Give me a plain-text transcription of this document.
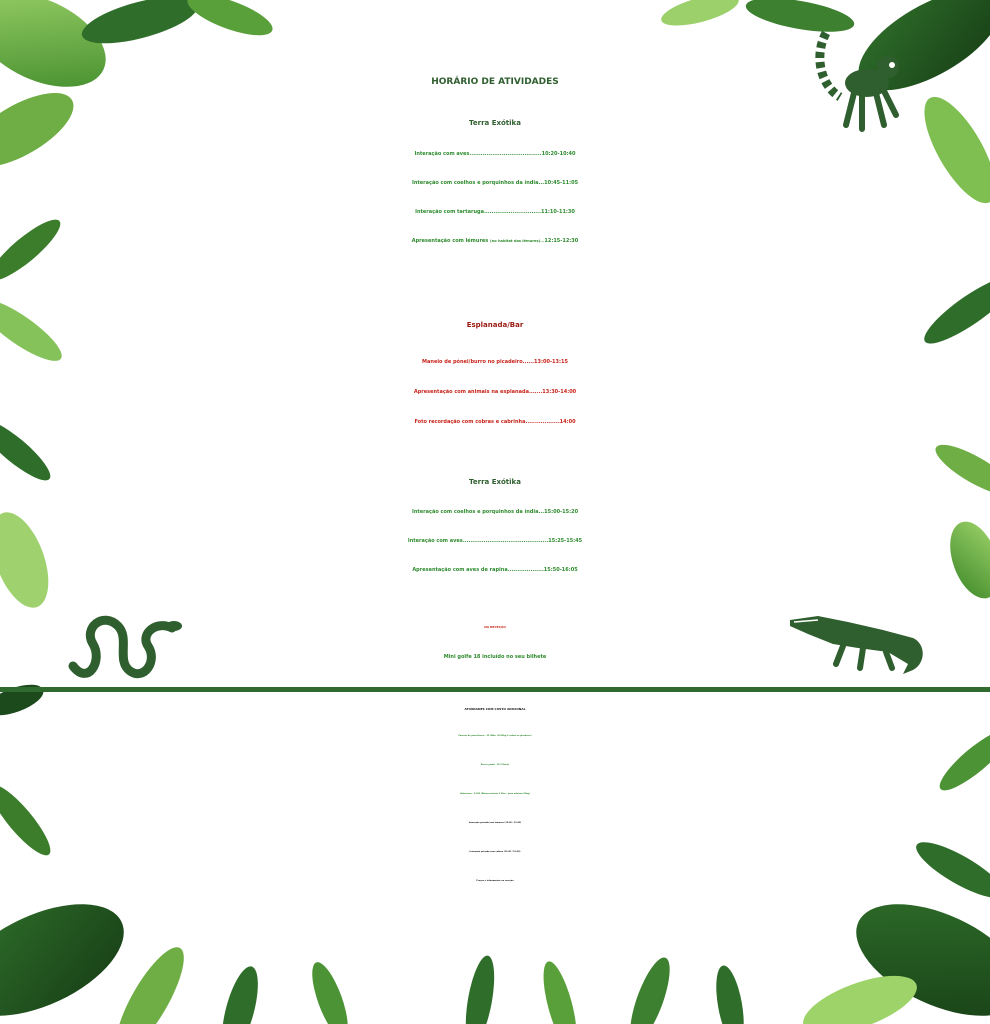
HORÁRIO DE ATIVIDADES
Terra Exótika
Interação com aves......................................10:20-10:40
Interação com coelhos e porquinhos da índia...10:45-11:05
Interação com tartaruga..............................11:10-11:30
Apresentação com lémures (no habitat dos lémures)...12:15-12:30
Esplanada/Bar
Maneio de pónei/burro no picadeiro......13:00-13:15
Apresentação com animais na esplanada.......13:30-14:00
Foto recordação com cobras e cabrinha..................14:00
Terra Exótika
Interação com coelhos e porquinhos da índia...15:00-15:20
Interação com aves.............................................15:25-15:45
Apresentação com aves de rapina...................15:50-16:05
NA RECEÇÃO
Mini golfe 18 incluído no seu bilhete
ATIVIDADES COM CUSTO ADICIONAL
Passeio de pónei/burro - 3€ (Máx. 30/35kg-2 voltas no picadeiro)
Kart a pedal - 3€ (10min)
Arborismo - 4,95€ (Altura mínima 1,25m - peso máximo 90kg)
Interação privada com lémures (12:00 / 15:20)
Interação privada com cobras (11:45 / 15:00)
Preços e informações na receção
